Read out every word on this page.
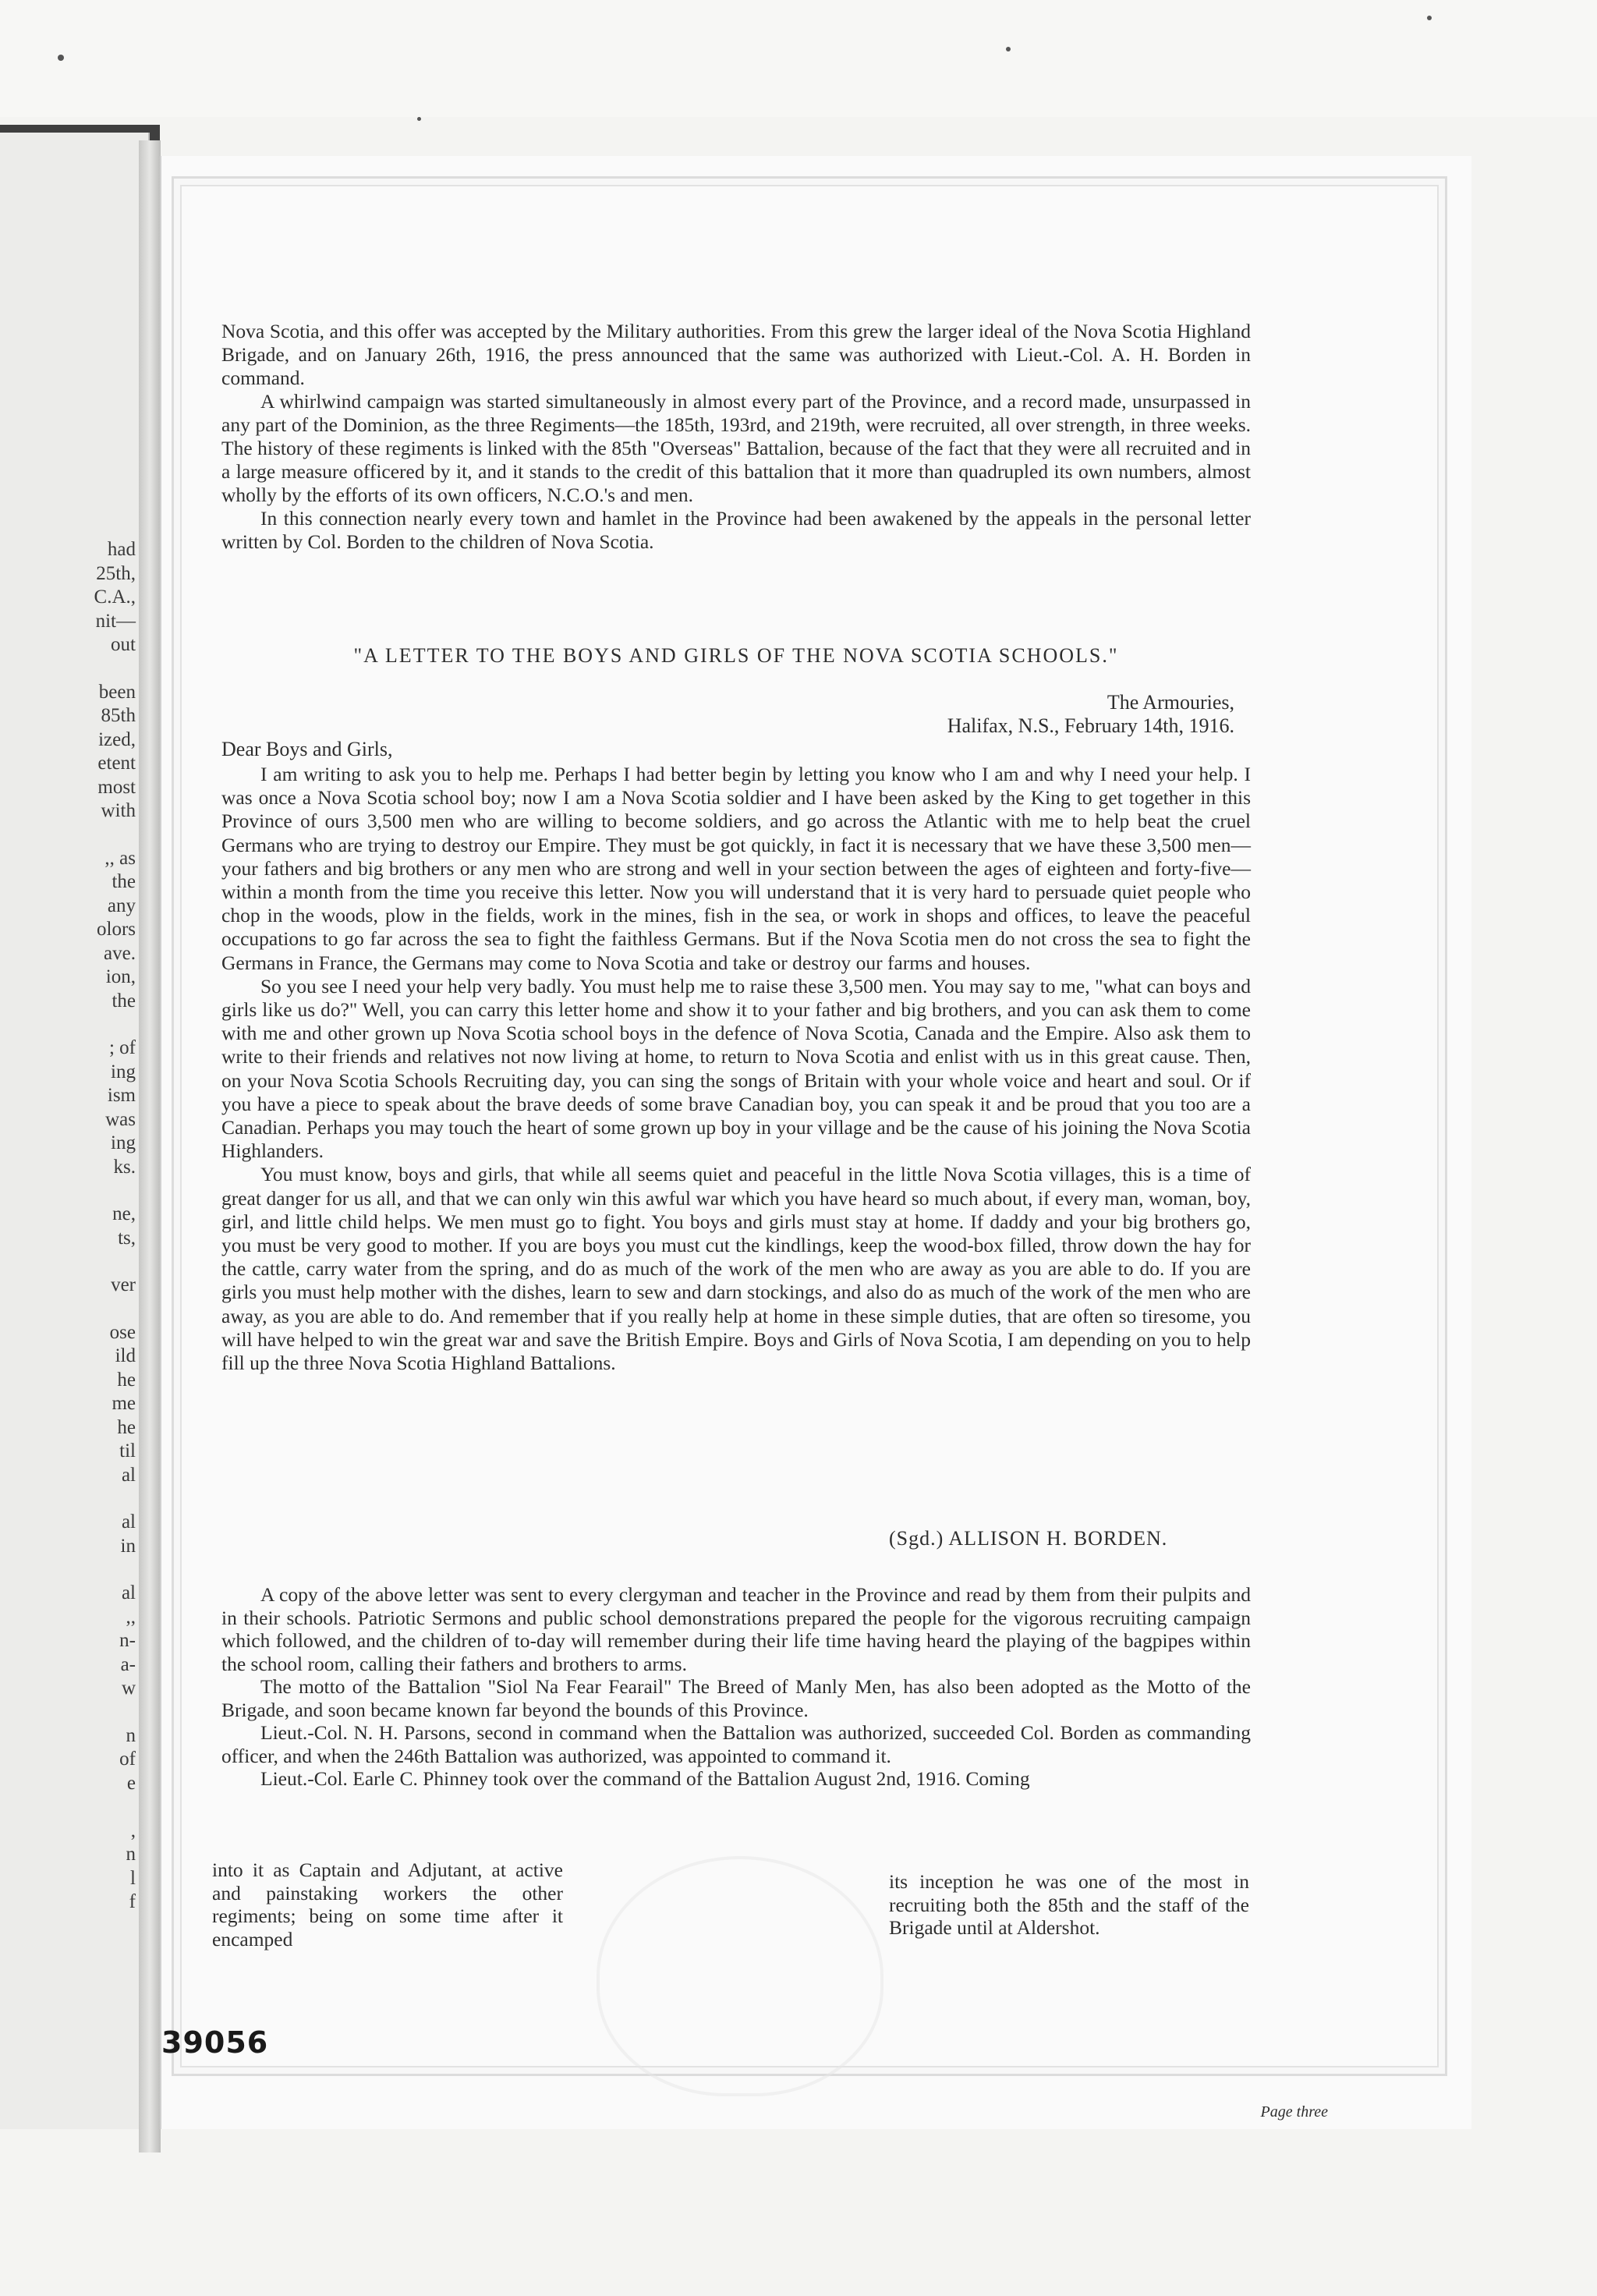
had
25th,
C.A.,
nit—
out
been
85th
ized,
etent
most
with
,, as
the
any
olors
ave.
ion,
the
; of
ing
ism
was
ing
ks.
ne,
ts,
ver
ose
ild
he
me
he
til
al
al
in
al
,,
n-
a-
w
n
of
e

,
n
l
f

Nova Scotia, and this offer was accepted by the Military authorities. From this grew the larger ideal of the Nova Scotia Highland Brigade, and on January 26th, 1916, the press announced that the same was authorized with Lieut.-Col. A. H. Borden in command.

A whirlwind campaign was started simultaneously in almost every part of the Province, and a record made, unsurpassed in any part of the Dominion, as the three Regiments—the 185th, 193rd, and 219th, were recruited, all over strength, in three weeks. The history of these regiments is linked with the 85th "Overseas" Battalion, because of the fact that they were all recruited and in a large measure officered by it, and it stands to the credit of this battalion that it more than quadrupled its own numbers, almost wholly by the efforts of its own officers, N.C.O.'s and men.

In this connection nearly every town and hamlet in the Province had been awakened by the appeals in the personal letter written by Col. Borden to the children of Nova Scotia.

"A LETTER TO THE BOYS AND GIRLS OF THE NOVA SCOTIA SCHOOLS."
The Armouries,
Halifax, N.S., February 14th, 1916.
Dear Boys and Girls,

I am writing to ask you to help me. Perhaps I had better begin by letting you know who I am and why I need your help. I was once a Nova Scotia school boy; now I am a Nova Scotia soldier and I have been asked by the King to get together in this Province of ours 3,500 men who are willing to become soldiers, and go across the Atlantic with me to help beat the cruel Germans who are trying to destroy our Empire. They must be got quickly, in fact it is necessary that we have these 3,500 men—your fathers and big brothers or any men who are strong and well in your section between the ages of eighteen and forty-five—within a month from the time you receive this letter. Now you will understand that it is very hard to persuade quiet people who chop in the woods, plow in the fields, work in the mines, fish in the sea, or work in shops and offices, to leave the peaceful occupations to go far across the sea to fight the faithless Germans. But if the Nova Scotia men do not cross the sea to fight the Germans in France, the Germans may come to Nova Scotia and take or destroy our farms and houses.

So you see I need your help very badly. You must help me to raise these 3,500 men. You may say to me, "what can boys and girls like us do?" Well, you can carry this letter home and show it to your father and big brothers, and you can ask them to come with me and other grown up Nova Scotia school boys in the defence of Nova Scotia, Canada and the Empire. Also ask them to write to their friends and relatives not now living at home, to return to Nova Scotia and enlist with us in this great cause. Then, on your Nova Scotia Schools Recruiting day, you can sing the songs of Britain with your whole voice and heart and soul. Or if you have a piece to speak about the brave deeds of some brave Canadian boy, you can speak it and be proud that you too are a Canadian. Perhaps you may touch the heart of some grown up boy in your village and be the cause of his joining the Nova Scotia Highlanders.

You must know, boys and girls, that while all seems quiet and peaceful in the little Nova Scotia villages, this is a time of great danger for us all, and that we can only win this awful war which you have heard so much about, if every man, woman, boy, girl, and little child helps. We men must go to fight. You boys and girls must stay at home. If daddy and your big brothers go, you must be very good to mother. If you are boys you must cut the kindlings, keep the wood-box filled, throw down the hay for the cattle, carry water from the spring, and do as much of the work of the men who are away as you are able to do. If you are girls you must help mother with the dishes, learn to sew and darn stockings, and also do as much of the work of the men who are away, as you are able to do. And remember that if you really help at home in these simple duties, that are often so tiresome, you will have helped to win the great war and save the British Empire. Boys and Girls of Nova Scotia, I am depending on you to help fill up the three Nova Scotia Highland Battalions.

(Sgd.) ALLISON H. BORDEN.

A copy of the above letter was sent to every clergyman and teacher in the Province and read by them from their pulpits and in their schools. Patriotic Sermons and public school demonstrations prepared the people for the vigorous recruiting campaign which followed, and the children of to-day will remember during their life time having heard the playing of the bagpipes within the school room, calling their fathers and brothers to arms.

The motto of the Battalion "Siol Na Fear Fearail" The Breed of Manly Men, has also been adopted as the Motto of the Brigade, and soon became known far beyond the bounds of this Province.

Lieut.-Col. N. H. Parsons, second in command when the Battalion was authorized, succeeded Col. Borden as commanding officer, and when the 246th Battalion was authorized, was appointed to command it.

Lieut.-Col. Earle C. Phinney took over the command of the Battalion August 2nd, 1916. Coming

into it as Captain and Adjutant, at active and painstaking workers the other regiments; being on some time after it encamped
its inception he was one of the most in recruiting both the 85th and the staff of the Brigade until at Aldershot.
39056
Page three
